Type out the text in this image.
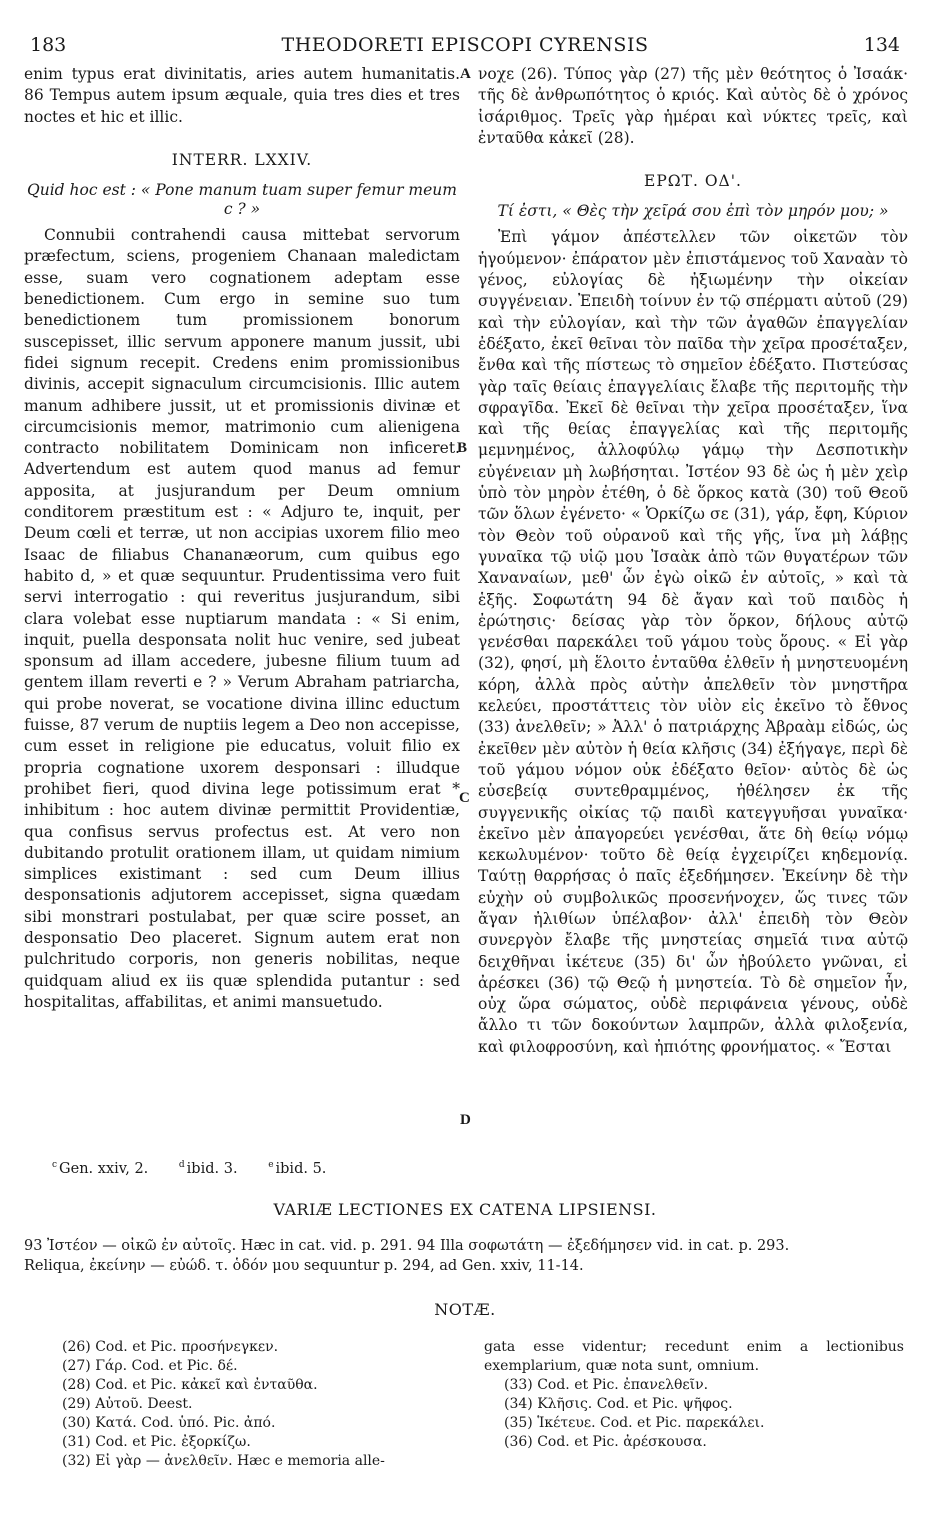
183	THEODORETI EPISCOPI CYRENSIS	134

enim typus erat divinitatis, aries autem humanitatis. 86 Tempus autem ipsum æquale, quia tres dies et tres noctes et hic et illic.

INTERR. LXXIV.
Quid hoc est : « Pone manum tuam super femur meum c ? »

Connubii contrahendi causa mittebat servorum præfectum, sciens, progeniem Chanaan maledictam esse, suam vero cognationem adeptam esse benedictionem. Cum ergo in semine suo tum benedictionem tum promissionem bonorum suscepisset, illic servum apponere manum jussit, ubi fidei signum recepit. Credens enim promissionibus divinis, accepit signaculum circumcisionis. Illic autem manum adhibere jussit, ut et promissionis divinæ et circumcisionis memor, matrimonio cum alienigena contracto nobilitatem Dominicam non inficeret. Advertendum est autem quod manus ad femur apposita, at jusjurandum per Deum omnium conditorem præstitum est : « Adjuro te, inquit, per Deum cœli et terræ, ut non accipias uxorem filio meo Isaac de filiabus Chananæorum, cum quibus ego habito d, » et quæ sequuntur. Prudentissima vero fuit servi interrogatio : qui reveritus jusjurandum, sibi clara volebat esse nuptiarum mandata : « Si enim, inquit, puella desponsata nolit huc venire, sed jubeat sponsum ad illam accedere, jubesne filium tuum ad gentem illam reverti e ? » Verum Abraham patriarcha, qui probe noverat, se vocatione divina illinc eductum fuisse, 87 verum de nuptiis legem a Deo non accepisse, cum esset in religione pie educatus, voluit filio ex propria cognatione uxorem desponsari : illudque prohibet fieri, quod divina lege potissimum erat * inhibitum : hoc autem divinæ permittit Providentiæ, qua confisus servus profectus est. At vero non dubitando protulit orationem illam, ut quidam nimium simplices existimant : sed cum Deum illius desponsationis adjutorem accepisset, signa quædam sibi monstrari postulabat, per quæ scire posset, an desponsatio Deo placeret. Signum autem erat non pulchritudo corporis, non generis nobilitas, neque quidquam aliud ex iis quæ splendida putantur : sed hospitalitas, affabilitas, et animi mansuetudo.

νοχε (26). Τύπος γὰρ (27) τῆς μὲν θεότητος ὁ Ἰσαάκ· τῆς δὲ ἀνθρωπότητος ὁ κριός. Καὶ αὐτὸς δὲ ὁ χρόνος ἰσάριθμος. Τρεῖς γὰρ ἡμέραι καὶ νύκτες τρεῖς, καὶ ἐνταῦθα κἀκεῖ (28).

ΕΡΩΤ. ΟΔ'.
Τί ἐστι, « Θὲς τὴν χεῖρά σου ἐπὶ τὸν μηρόν μου; »

Ἐπὶ γάμον ἀπέστελλεν τῶν οἰκετῶν τὸν ἡγούμενον· ἐπάρατον μὲν ἐπιστάμενος τοῦ Χαναὰν τὸ γένος, εὐλογίας δὲ ἠξιωμένην τὴν οἰκείαν συγγένειαν. Ἐπειδὴ τοίνυν ἐν τῷ σπέρματι αὐτοῦ (29) καὶ τὴν εὐλογίαν, καὶ τὴν τῶν ἀγαθῶν ἐπαγγελίαν ἐδέξατο, ἐκεῖ θεῖναι τὸν παῖδα τὴν χεῖρα προσέταξεν, ἔνθα καὶ τῆς πίστεως τὸ σημεῖον ἐδέξατο. Πιστεύσας γὰρ ταῖς θείαις ἐπαγγελίαις ἔλαβε τῆς περιτομῆς τὴν σφραγῖδα. Ἐκεῖ δὲ θεῖναι τὴν χεῖρα προσέταξεν, ἵνα καὶ τῆς θείας ἐπαγγελίας καὶ τῆς περιτομῆς μεμνημένος, ἀλλοφύλῳ γάμῳ τὴν Δεσποτικὴν εὐγένειαν μὴ λωβήσηται. Ἰστέον 93 δὲ ὡς ἡ μὲν χεὶρ ὑπὸ τὸν μηρὸν ἐτέθη, ὁ δὲ ὅρκος κατὰ (30) τοῦ Θεοῦ τῶν ὅλων ἐγένετο· « Ὁρκίζω σε (31), γάρ, ἔφη, Κύριον τὸν Θεὸν τοῦ οὐρανοῦ καὶ τῆς γῆς, ἵνα μὴ λάβῃς γυναῖκα τῷ υἱῷ μου Ἰσαὰκ ἀπὸ τῶν θυγατέρων τῶν Χαναναίων, μεθ' ὧν ἐγὼ οἰκῶ ἐν αὐτοῖς, » καὶ τὰ ἑξῆς. Σοφωτάτη 94 δὲ ἄγαν καὶ τοῦ παιδὸς ἡ ἐρώτησις· δείσας γὰρ τὸν ὅρκον, δήλους αὐτῷ γενέσθαι παρεκάλει τοῦ γάμου τοὺς ὅρους. « Εἰ γὰρ (32), φησί, μὴ ἕλοιτο ἐνταῦθα ἐλθεῖν ἡ μνηστευομένη κόρη, ἀλλὰ πρὸς αὐτὴν ἀπελθεῖν τὸν μνηστῆρα κελεύει, προστάττεις τὸν υἱὸν εἰς ἐκεῖνο τὸ ἔθνος (33) ἀνελθεῖν; » Ἀλλ' ὁ πατριάρχης Ἀβραὰμ εἰδώς, ὡς ἐκεῖθεν μὲν αὐτὸν ἡ θεία κλῆσις (34) ἐξήγαγε, περὶ δὲ τοῦ γάμου νόμον οὐκ ἐδέξατο θεῖον· αὐτὸς δὲ ὡς εὐσεβείᾳ συντεθραμμένος, ἠθέλησεν ἐκ τῆς συγγενικῆς οἰκίας τῷ παιδὶ κατεγγυῆσαι γυναῖκα· ἐκεῖνο μὲν ἀπαγορεύει γενέσθαι, ἅτε δὴ θείῳ νόμῳ κεκωλυμένον· τοῦτο δὲ θείᾳ ἐγχειρίζει κηδεμονίᾳ. Ταύτῃ θαρρήσας ὁ παῖς ἐξεδήμησεν. Ἐκείνην δὲ τὴν εὐχὴν οὐ συμβολικῶς προσενήνοχεν, ὥς τινες τῶν ἄγαν ἠλιθίων ὑπέλαβον· ἀλλ' ἐπειδὴ τὸν Θεὸν συνεργὸν ἔλαβε τῆς μνηστείας σημεῖά τινα αὐτῷ δειχθῆναι ἱκέτευε (35) δι' ὧν ἠβούλετο γνῶναι, εἰ ἀρέσκει (36) τῷ Θεῷ ἡ μνηστεία. Τὸ δὲ σημεῖον ἦν, οὐχ ὥρα σώματος, οὐδὲ περιφάνεια γένους, οὐδὲ ἄλλο τι τῶν δοκούντων λαμπρῶν, ἀλλὰ φιλοξενία, καὶ φιλοφροσύνη, καὶ ἠπιότης φρονήματος. « Ἔσται

A
B
C
D
$^c$ Gen. xxiv, 2.	$^d$ ibid. 3.	$^e$ ibid. 5.
VARIÆ LECTIONES EX CATENA LIPSIENSI.

93 Ἰστέον — οἰκῶ ἐν αὐτοῖς. Hæc in cat. vid. p. 291. 94 Illa σοφωτάτη — ἐξεδήμησεν vid. in cat. p. 293.

Reliqua, ἐκείνην — εὐώδ. τ. ὁδόν μου sequuntur p. 294, ad Gen. xxiv, 11-14.

NOTÆ.

(26) Cod. et Pic. προσήνεγκεν.

(27) Γάρ. Cod. et Pic. δέ.

(28) Cod. et Pic. κἀκεῖ καὶ ἐνταῦθα.

(29) Αὐτοῦ. Deest.

(30) Κατά. Cod. ὑπό. Pic. ἀπό.

(31) Cod. et Pic. ἐξορκίζω.

(32) Εἰ γὰρ — ἀνελθεῖν. Hæc e memoria alle-

gata esse videntur; recedunt enim a lectionibus exemplarium, quæ nota sunt, omnium.

(33) Cod. et Pic. ἐπανελθεῖν.

(34) Κλῆσις. Cod. et Pic. ψῆφος.

(35) Ἱκέτευε. Cod. et Pic. παρεκάλει.

(36) Cod. et Pic. ἀρέσκουσα.
